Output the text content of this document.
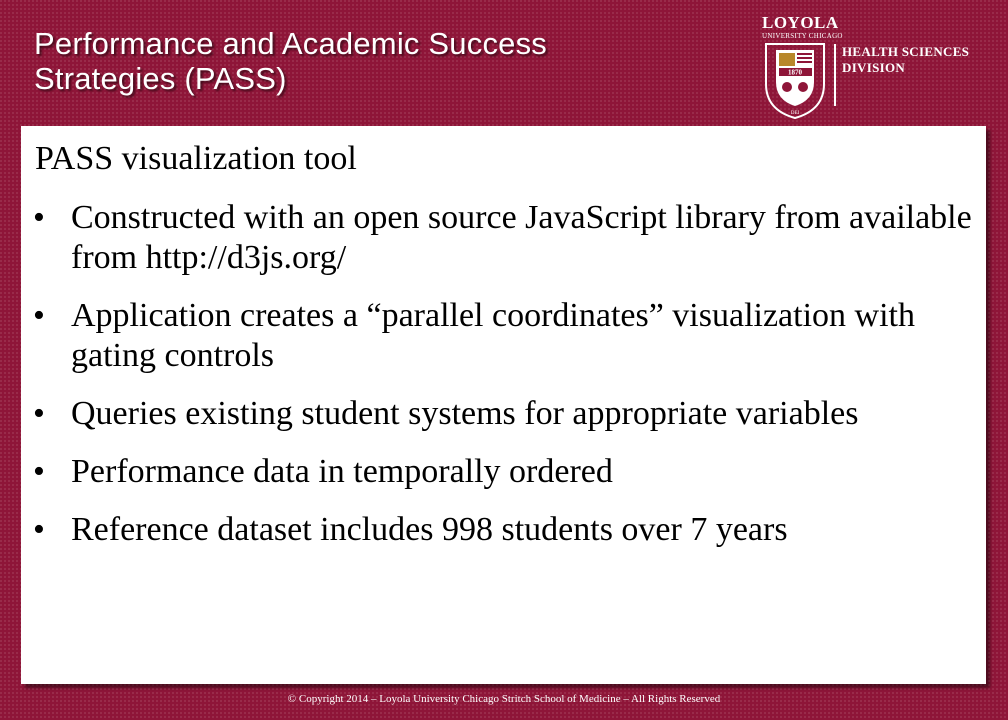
Performance and Academic Success Strategies (PASS)
LOYOLA
UNIVERSITY CHICAGO
1870
DEI
HEALTH SCIENCES
DIVISION

PASS visualization tool

• Constructed with an open source JavaScript library from available from http://d3js.org/
• Application creates a “parallel coordinates” visualization with gating controls
• Queries existing student systems for appropriate variables
• Performance data in temporally ordered
• Reference dataset includes 998 students over 7 years
© Copyright 2014 – Loyola University Chicago Stritch School of Medicine – All Rights Reserved
